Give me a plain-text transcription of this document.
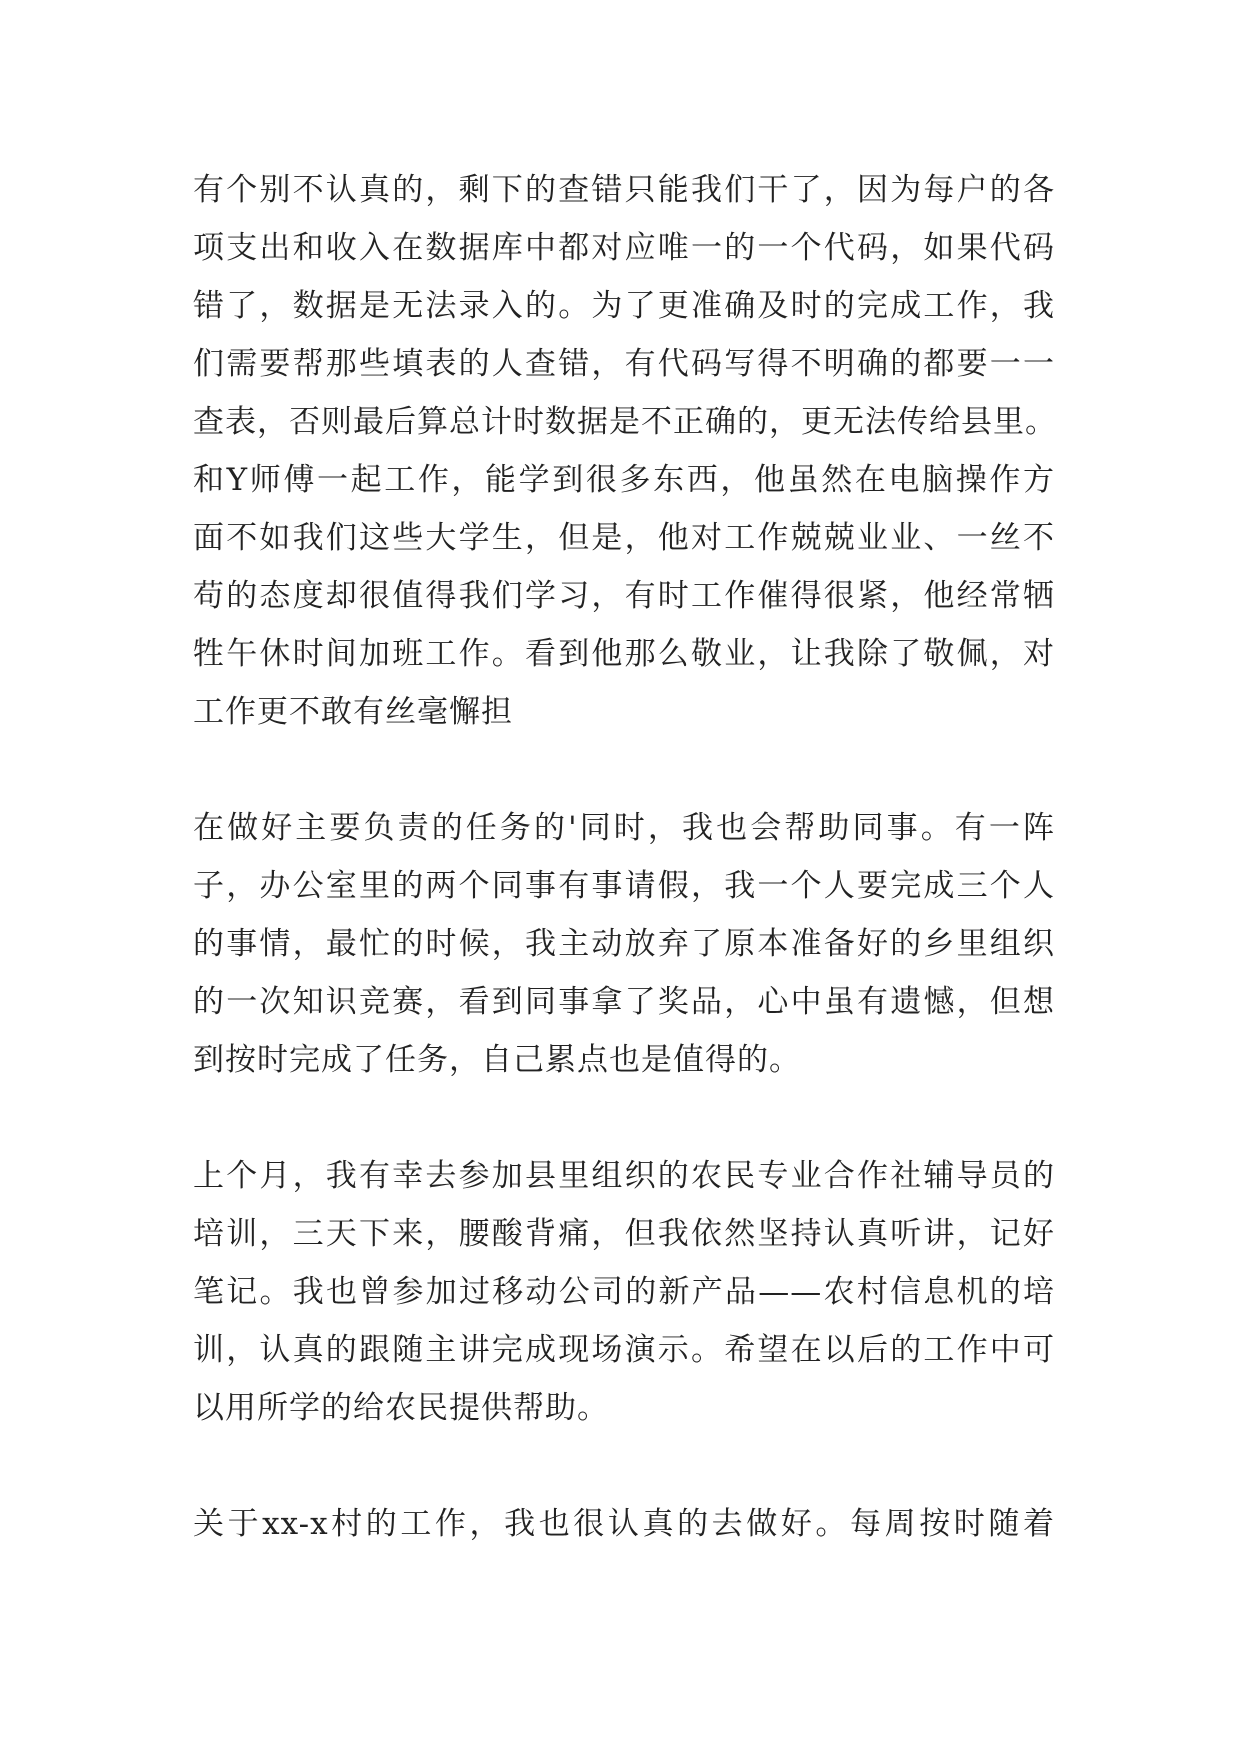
有个别不认真的，剩下的查错只能我们干了，因为每户的各
项支出和收入在数据库中都对应唯一的一个代码，如果代码
错了，数据是无法录入的。为了更准确及时的完成工作，我
们需要帮那些填表的人查错，有代码写得不明确的都要一一
查表，否则最后算总计时数据是不正确的，更无法传给县里。
和Y师傅一起工作，能学到很多东西，他虽然在电脑操作方
面不如我们这些大学生，但是，他对工作兢兢业业、一丝不
苟的态度却很值得我们学习，有时工作催得很紧，他经常牺
牲午休时间加班工作。看到他那么敬业，让我除了敬佩，对
工作更不敢有丝毫懈担
在做好主要负责的任务的'同时，我也会帮助同事。有一阵
子，办公室里的两个同事有事请假，我一个人要完成三个人
的事情，最忙的时候，我主动放弃了原本准备好的乡里组织
的一次知识竞赛，看到同事拿了奖品，心中虽有遗憾，但想
到按时完成了任务，自己累点也是值得的。
上个月，我有幸去参加县里组织的农民专业合作社辅导员的
培训，三天下来，腰酸背痛，但我依然坚持认真听讲，记好
笔记。我也曾参加过移动公司的新产品——农村信息机的培
训，认真的跟随主讲完成现场演示。希望在以后的工作中可
以用所学的给农民提供帮助。
关于xx-x村的工作，我也很认真的去做好。每周按时随着
